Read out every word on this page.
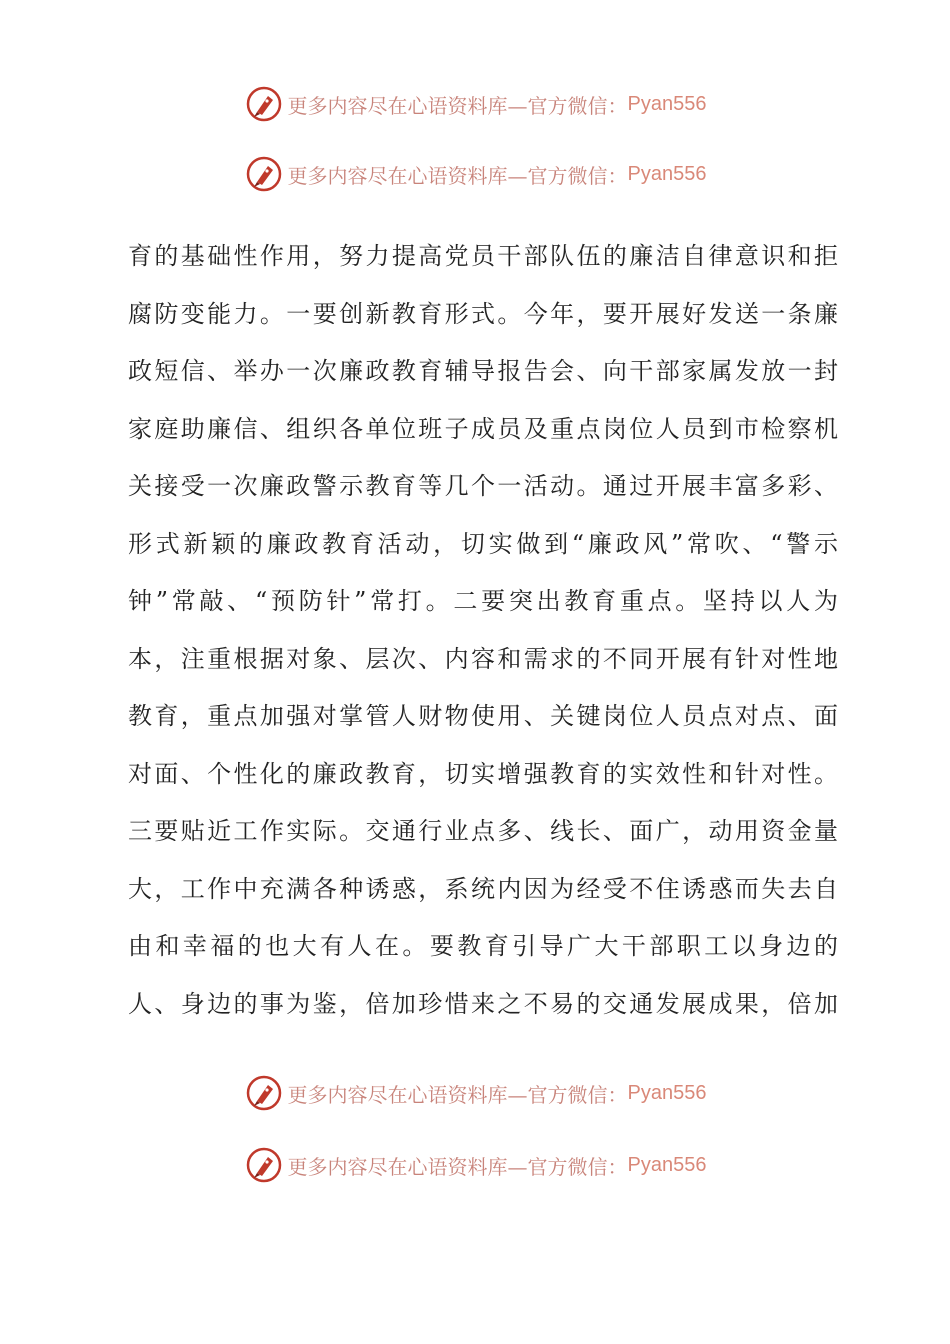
更多内容尽在心语资料库—官方微信： Pyan556
更多内容尽在心语资料库—官方微信： Pyan556
育的基础性作用，努力提高党员干部队伍的廉洁自律意识和拒
腐防变能力。一要创新教育形式。今年，要开展好发送一条廉
政短信、举办一次廉政教育辅导报告会、向干部家属发放一封
家庭助廉信、组织各单位班子成员及重点岗位人员到市检察机
关接受一次廉政警示教育等几个一活动。通过开展丰富多彩、
形式新颖的廉政教育活动，切实做到“廉政风”常吹、“警示
钟”常敲、“预防针”常打。二要突出教育重点。坚持以人为
本，注重根据对象、层次、内容和需求的不同开展有针对性地
教育，重点加强对掌管人财物使用、关键岗位人员点对点、面
对面、个性化的廉政教育，切实增强教育的实效性和针对性。
三要贴近工作实际。交通行业点多、线长、面广，动用资金量
大，工作中充满各种诱惑，系统内因为经受不住诱惑而失去自
由和幸福的也大有人在。要教育引导广大干部职工以身边的
人、身边的事为鉴，倍加珍惜来之不易的交通发展成果，倍加
更多内容尽在心语资料库—官方微信： Pyan556
更多内容尽在心语资料库—官方微信： Pyan556
